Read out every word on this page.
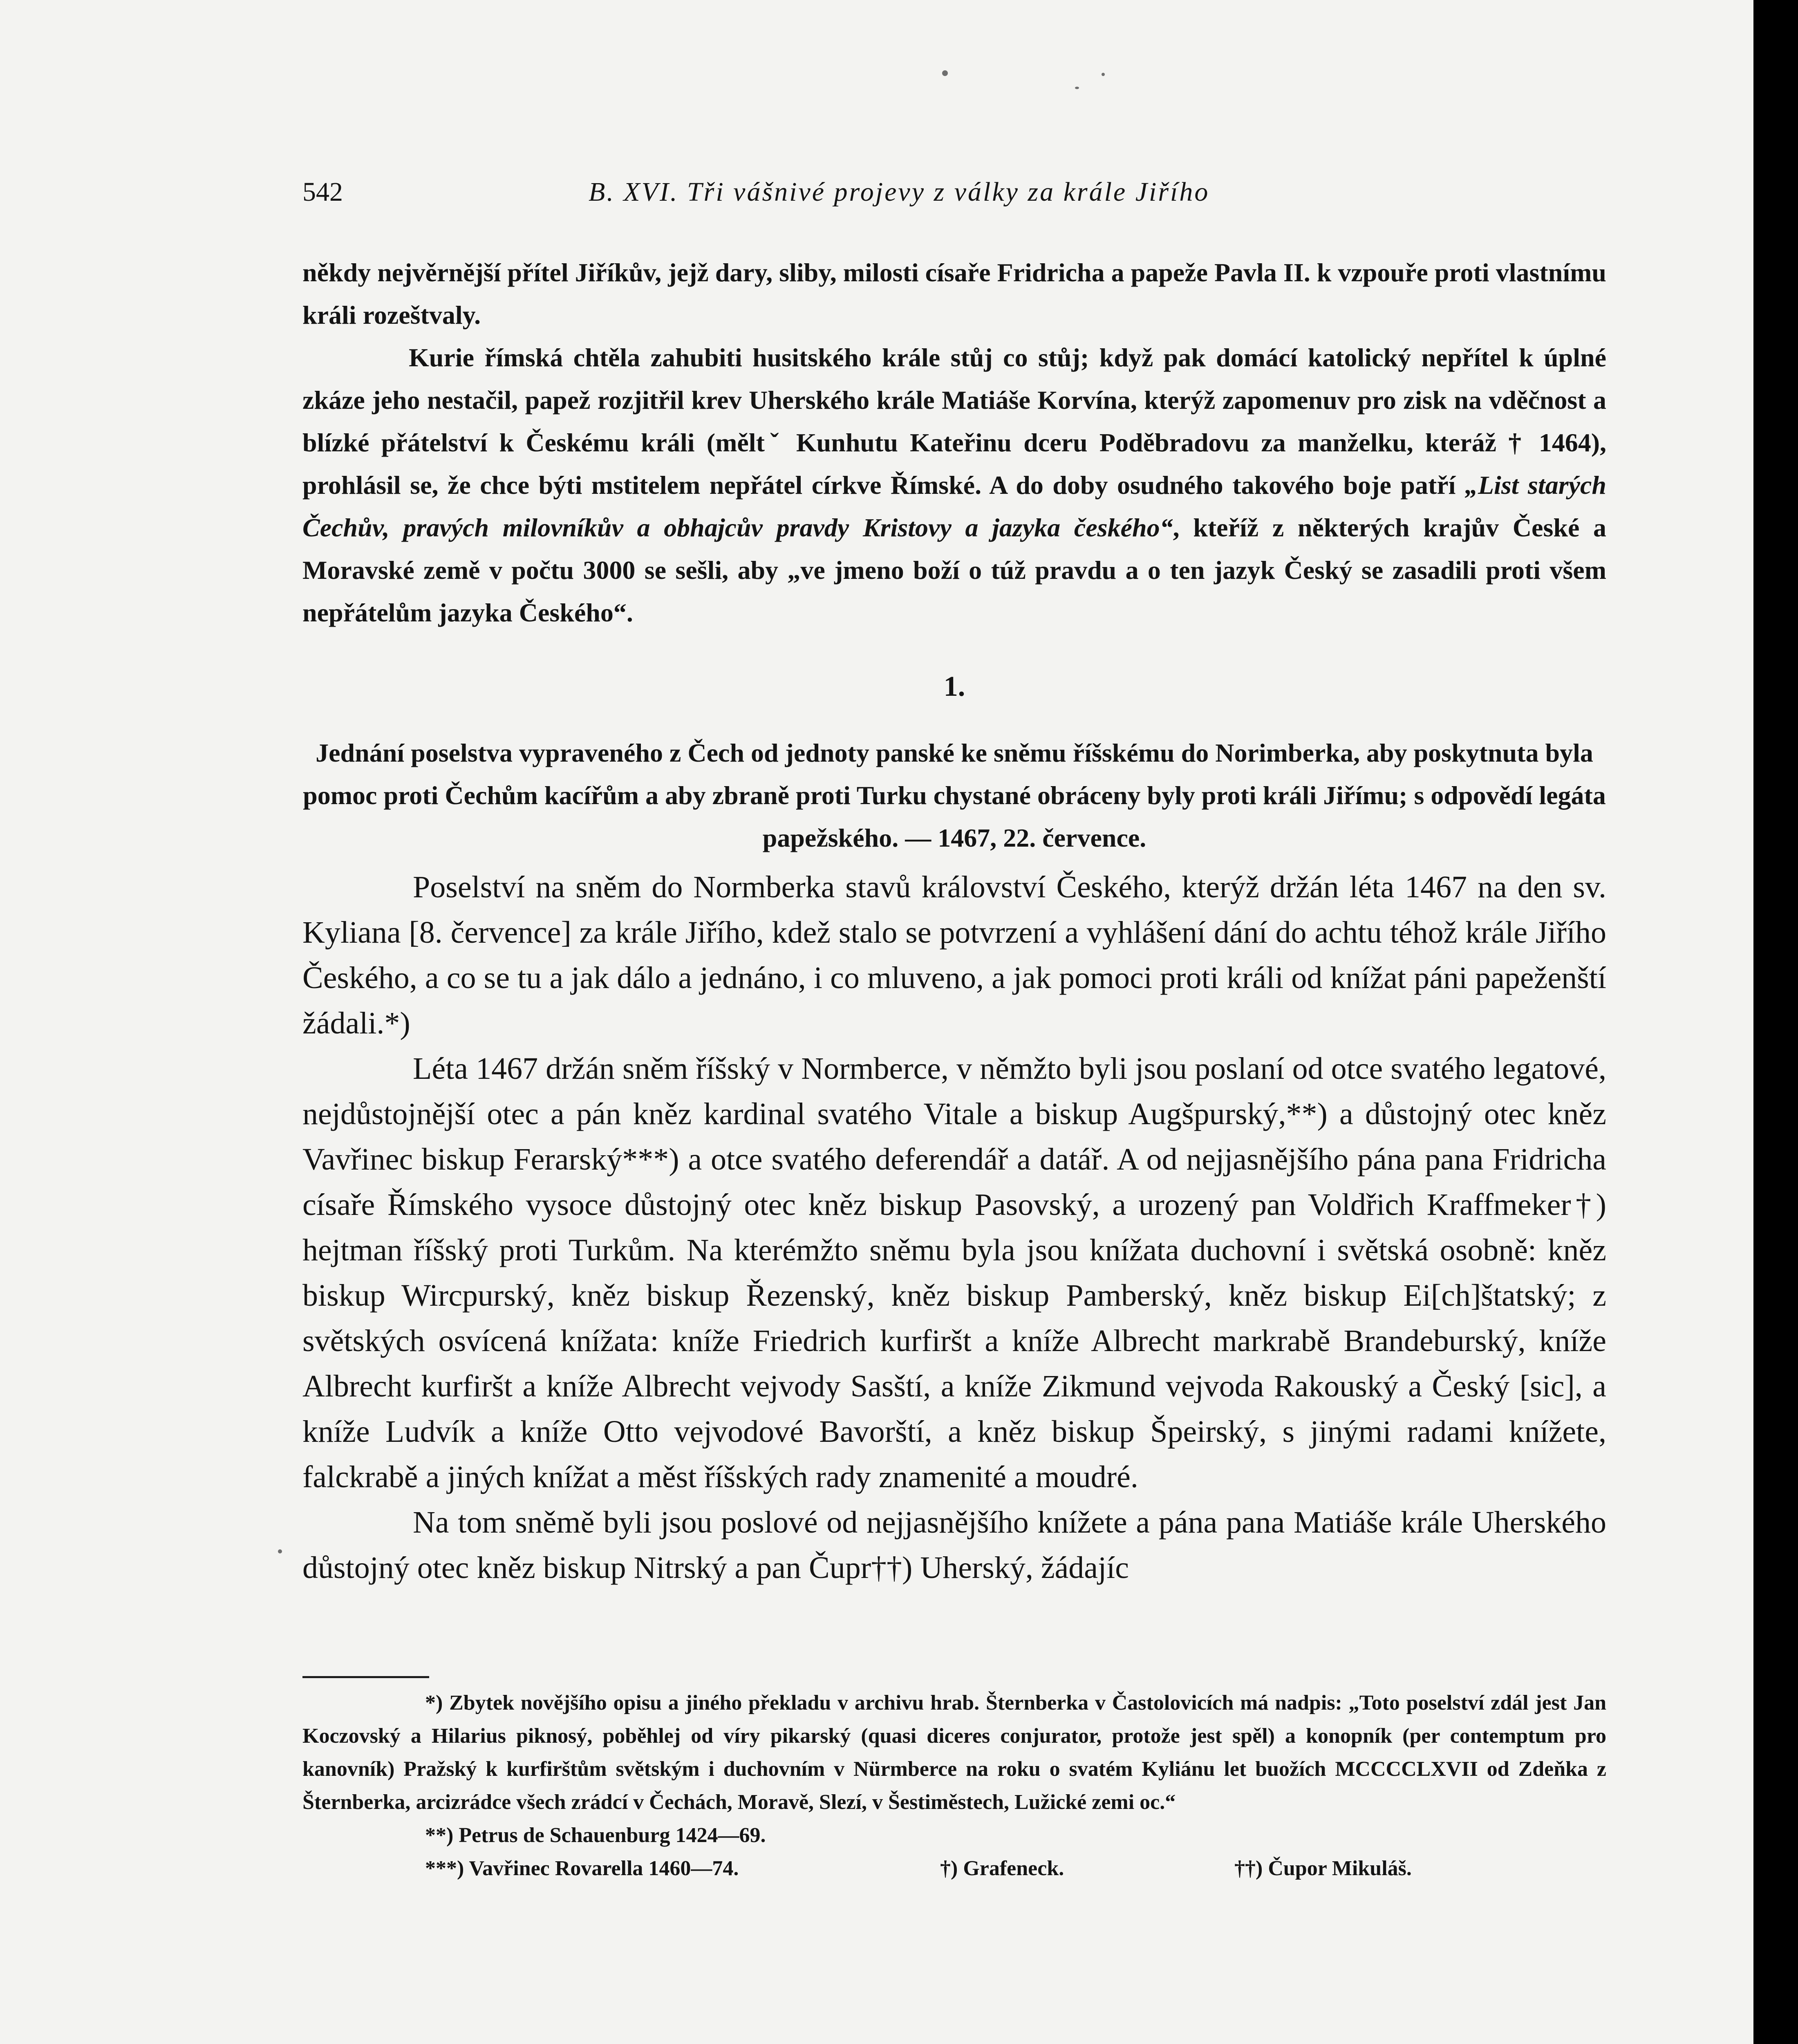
542	B. XVI. Tři vášnivé projevy z války za krále Jiřího

někdy nejvěrnější přítel Jiříkův, jejž dary, sliby, milosti císaře Fridricha a papeže Pavla II. k vzpouře proti vlastnímu králi rozeštvaly.

Kurie římská chtěla zahubiti husitského krále stůj co stůj; když pak domácí katolický nepřítel k úplné zkáze jeho nestačil, papež rozjitřil krev Uherského krále Matiáše Korvína, kterýž zapomenuv pro zisk na vděčnost a blízké přátelství k Českému králi (měltˇ Kunhutu Kateřinu dceru Poděbradovu za manželku, kteráž † 1464), prohlásil se, že chce býti mstitelem nepřátel církve Římské. A do doby osudného takového boje patří „List starých Čechův, pravých milovníkův a obhajcův pravdy Kristovy a jazyka českého“, kteříž z některých krajův České a Moravské země v počtu 3000 se sešli, aby „ve jmeno boží o túž pravdu a o ten jazyk Český se zasadili proti všem nepřátelům jazyka Českého“.

1.
Jednání poselstva vypraveného z Čech od jednoty panské ke sněmu říšskému do Norimberka, aby poskytnuta byla pomoc proti Čechům kacířům a aby zbraně proti Turku chystané obráceny byly proti králi Jiřímu; s odpovědí legáta papežského. — 1467, 22. července.

Poselství na sněm do Normberka stavů království Českého, kterýž držán léta 1467 na den sv. Kyliana [8. července] za krále Jiřího, kdež stalo se potvrzení a vyhlášení dání do achtu téhož krále Jiřího Českého, a co se tu a jak dálo a jednáno, i co mluveno, a jak pomoci proti králi od knížat páni papeženští žádali.*)

Léta 1467 držán sněm říšský v Normberce, v němžto byli jsou poslaní od otce svatého legatové, nejdůstojnější otec a pán kněz kardinal svatého Vitale a biskup Augšpurský,**) a důstojný otec kněz Vavřinec biskup Ferarský***) a otce svatého deferendář a datář. A od nejjasnějšího pána pana Fridricha císaře Římského vysoce důstojný otec kněz biskup Pasovský, a urozený pan Voldřich Kraffmeker†) hejtman říšský proti Turkům. Na kterémžto sněmu byla jsou knížata duchovní i světská osobně: kněz biskup Wircpurský, kněz biskup Řezenský, kněz biskup Pamberský, kněz biskup Ei[ch]štatský; z světských osvícená knížata: kníže Friedrich kurfiršt a kníže Albrecht markrabě Brandeburský, kníže Albrecht kurfiršt a kníže Albrecht vejvody Sasští, a kníže Zikmund vejvoda Rakouský a Český [sic], a kníže Ludvík a kníže Otto vejvodové Bavorští, a kněz biskup Špeirský, s jinými radami knížete, falckrabě a jiných knížat a měst říšských rady znamenité a moudré.

Na tom sněmě byli jsou poslové od nejjasnějšího knížete a pána pana Matiáše krále Uherského důstojný otec kněz biskup Nitrský a pan Čupr††) Uherský, žádajíc

*) Zbytek novějšího opisu a jiného překladu v archivu hrab. Šternberka v Častolovicích má nadpis: „Toto poselství zdál jest Jan Koczovský a Hilarius piknosý, poběhlej od víry pikarský (quasi diceres conjurator, protože jest spěl) a konopník (per contemptum pro kanovník) Pražský k kurfirštům světským i duchovním v Nürmberce na roku o svatém Kyliánu let buožích MCCCCLXVII od Zdeňka z Šternberka, arcizrádce všech zrádcí v Čechách, Moravě, Slezí, v Šestiměstech, Lužické zemi oc.“

**) Petrus de Schauenburg 1424—69.
***) Vavřinec Rovarella 1460—74.	†) Grafeneck.	††) Čupor Mikuláš.
